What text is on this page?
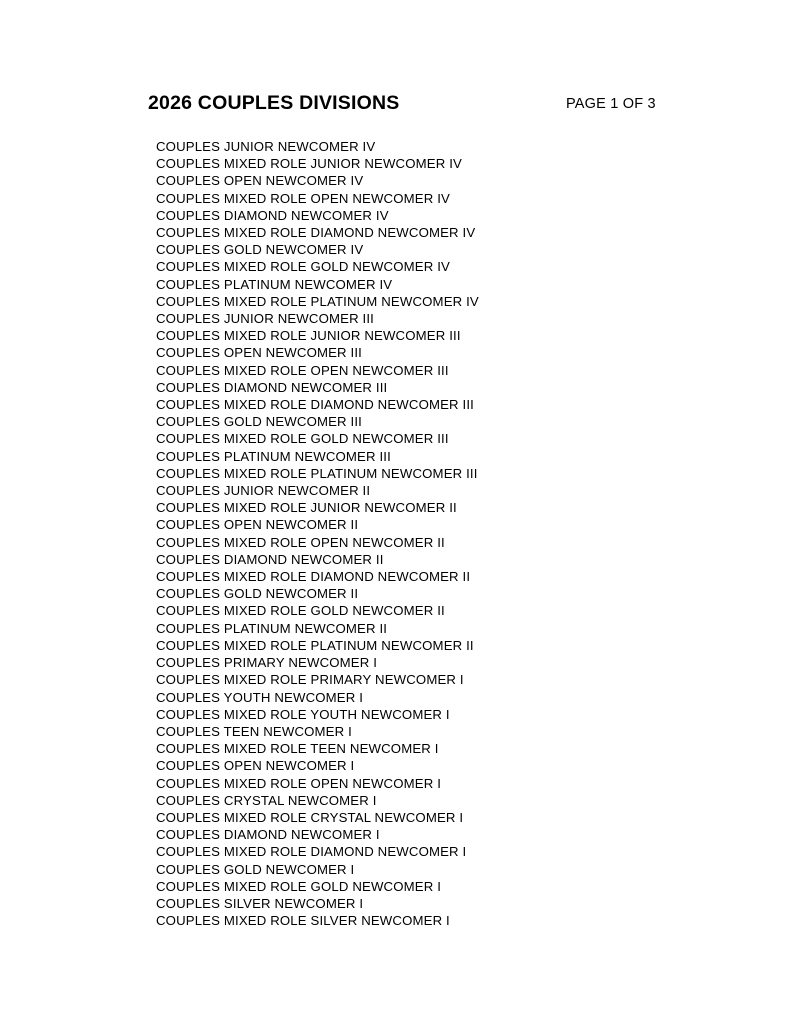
2026 COUPLES DIVISIONS	PAGE 1 OF 3
COUPLES JUNIOR NEWCOMER IV
COUPLES MIXED ROLE JUNIOR NEWCOMER IV
COUPLES OPEN NEWCOMER IV
COUPLES MIXED ROLE OPEN NEWCOMER IV
COUPLES DIAMOND NEWCOMER IV
COUPLES MIXED ROLE DIAMOND NEWCOMER IV
COUPLES GOLD NEWCOMER IV
COUPLES MIXED ROLE GOLD NEWCOMER IV
COUPLES PLATINUM NEWCOMER IV
COUPLES MIXED ROLE PLATINUM NEWCOMER IV
COUPLES JUNIOR NEWCOMER III
COUPLES MIXED ROLE JUNIOR NEWCOMER III
COUPLES OPEN NEWCOMER III
COUPLES MIXED ROLE OPEN NEWCOMER III
COUPLES DIAMOND NEWCOMER III
COUPLES MIXED ROLE DIAMOND NEWCOMER III
COUPLES GOLD NEWCOMER III
COUPLES MIXED ROLE GOLD NEWCOMER III
COUPLES PLATINUM NEWCOMER III
COUPLES MIXED ROLE PLATINUM NEWCOMER III
COUPLES JUNIOR NEWCOMER II
COUPLES MIXED ROLE JUNIOR NEWCOMER II
COUPLES OPEN NEWCOMER II
COUPLES MIXED ROLE OPEN NEWCOMER II
COUPLES DIAMOND NEWCOMER II
COUPLES MIXED ROLE DIAMOND NEWCOMER II
COUPLES GOLD NEWCOMER II
COUPLES MIXED ROLE GOLD NEWCOMER II
COUPLES PLATINUM NEWCOMER II
COUPLES MIXED ROLE PLATINUM NEWCOMER II
COUPLES PRIMARY NEWCOMER I
COUPLES MIXED ROLE PRIMARY NEWCOMER I
COUPLES YOUTH NEWCOMER I
COUPLES MIXED ROLE YOUTH NEWCOMER I
COUPLES TEEN NEWCOMER I
COUPLES MIXED ROLE TEEN NEWCOMER I
COUPLES OPEN NEWCOMER I
COUPLES MIXED ROLE OPEN NEWCOMER I
COUPLES CRYSTAL NEWCOMER I
COUPLES MIXED ROLE CRYSTAL NEWCOMER I
COUPLES DIAMOND NEWCOMER I
COUPLES MIXED ROLE DIAMOND NEWCOMER I
COUPLES GOLD NEWCOMER I
COUPLES MIXED ROLE GOLD NEWCOMER I
COUPLES SILVER NEWCOMER I
COUPLES MIXED ROLE SILVER NEWCOMER I
